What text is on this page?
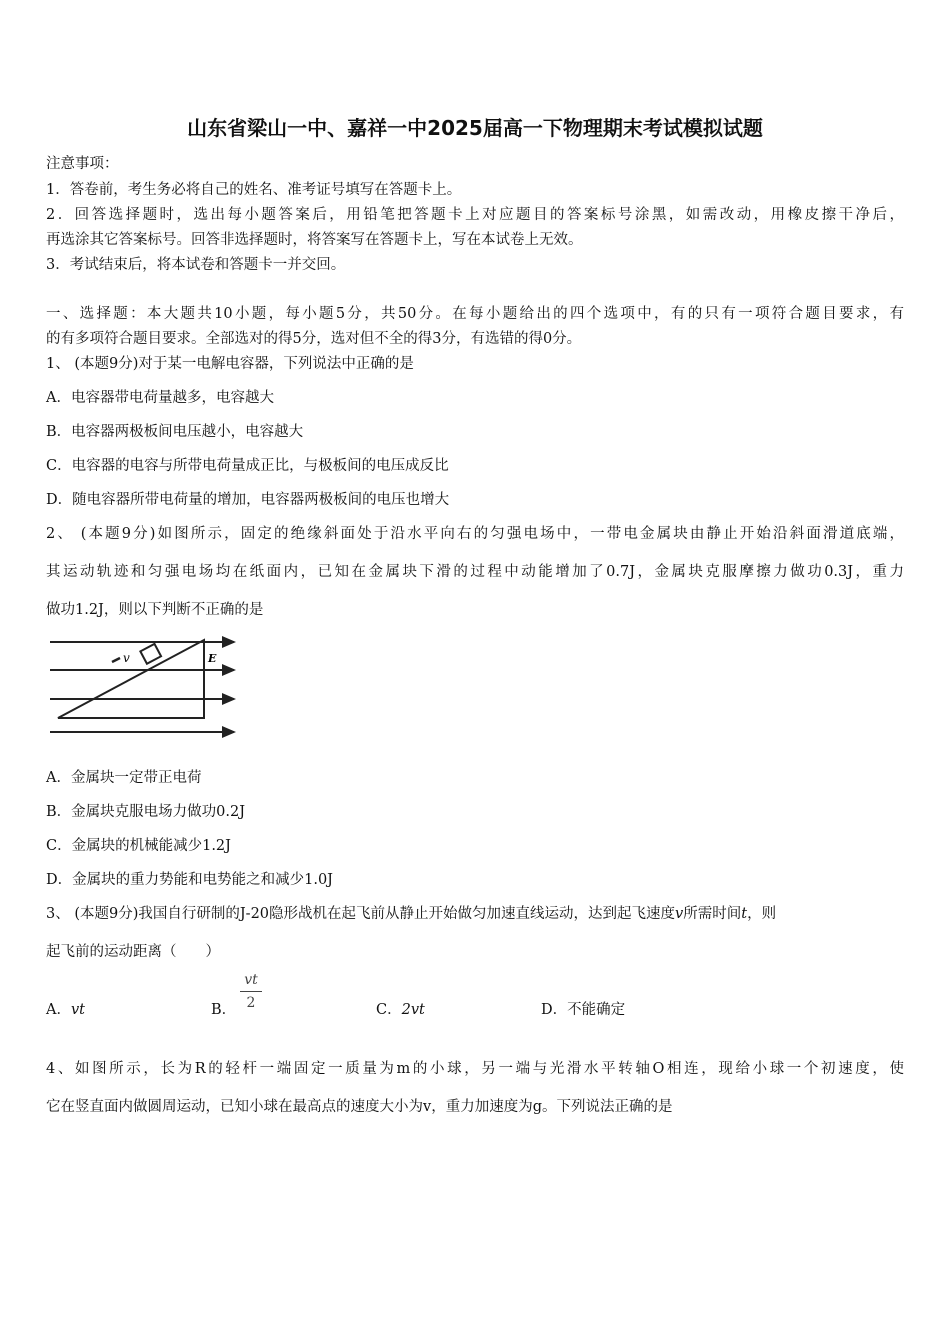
山东省梁山一中、嘉祥一中2025届高一下物理期末考试模拟试题
注意事项：
1．答卷前，考生务必将自己的姓名、准考证号填写在答题卡上。
2．回答选择题时，选出每小题答案后，用铅笔把答题卡上对应题目的答案标号涂黑，如需改动，用橡皮擦干净后，
再选涂其它答案标号。回答非选择题时，将答案写在答题卡上，写在本试卷上无效。
3．考试结束后，将本试卷和答题卡一并交回。
一、选择题：本大题共10小题，每小题5分，共50分。在每小题给出的四个选项中，有的只有一项符合题目要求，有
的有多项符合题目要求。全部选对的得5分，选对但不全的得3分，有选错的得0分。
1、 (本题9分)对于某一电解电容器，下列说法中正确的是
A．电容器带电荷量越多，电容越大
B．电容器两极板间电压越小，电容越大
C．电容器的电容与所带电荷量成正比，与极板间的电压成反比
D．随电容器所带电荷量的增加，电容器两极板间的电压也增大
2、 (本题9分)如图所示，固定的绝缘斜面处于沿水平向右的匀强电场中，一带电金属块由静止开始沿斜面滑道底端，
其运动轨迹和匀强电场均在纸面内，已知在金属块下滑的过程中动能增加了0.7J，金属块克服摩擦力做功0.3J，重力
做功1.2J，则以下判断不正确的是
v	E
A．金属块一定带正电荷
B．金属块克服电场力做功0.2J
C．金属块的机械能减少1.2J
D．金属块的重力势能和电势能之和减少1.0J
3、 (本题9分)我国自行研制的J-20隐形战机在起飞前从静止开始做匀加速直线运动，达到起飞速度v所需时间t，则
起飞前的运动距离（　　）
A．vt	B．
vt
2	C．2vt	D．不能确定
4、如图所示，长为R的轻杆一端固定一质量为m的小球，另一端与光滑水平转轴O相连，现给小球一个初速度，使
它在竖直面内做圆周运动，已知小球在最高点的速度大小为v，重力加速度为g。下列说法正确的是
